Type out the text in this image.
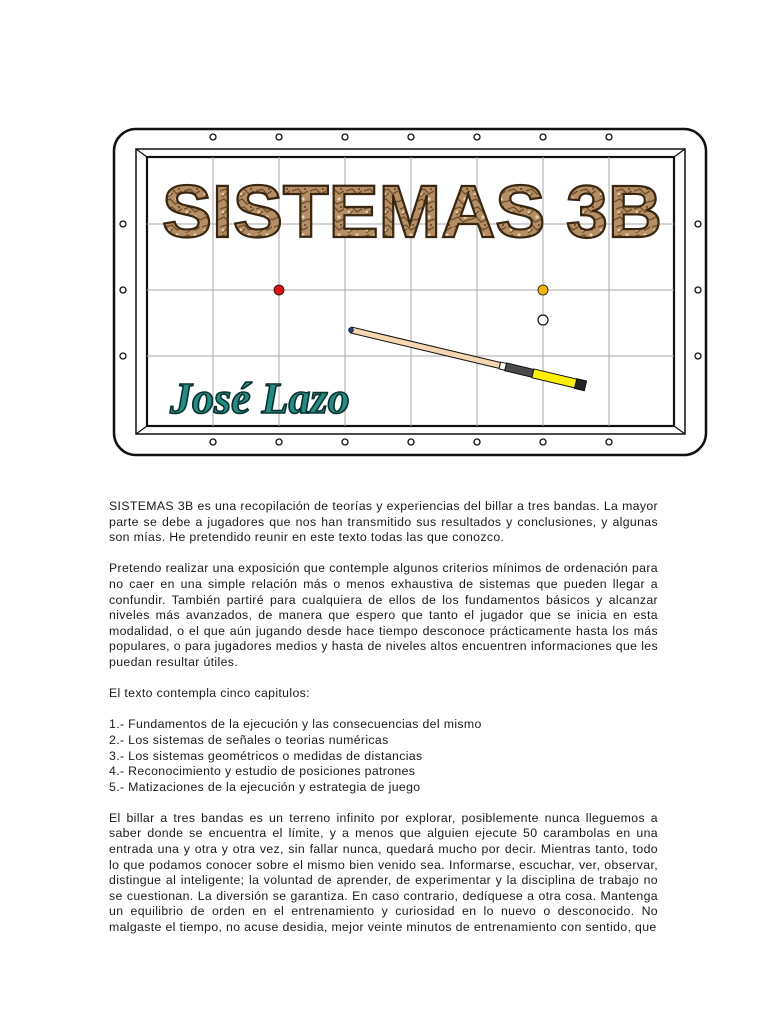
SISTEMAS 3B
José Lazo

SISTEMAS 3B es una recopilación de teorías y experiencias del billar a tres bandas. La mayor parte se debe a jugadores que nos han transmitido sus resultados y conclusiones, y algunas son mías. He pretendido reunir en este texto todas las que conozco.

Pretendo realizar una exposición que contemple algunos criterios mínimos de ordenación para no caer en una simple relación más o menos exhaustiva de sistemas que pueden llegar a confundir. También partiré para cualquiera de ellos de los fundamentos básicos y alcanzar niveles más avanzados, de manera que espero que tanto el jugador que se inicia en esta modalidad, o el que aún jugando desde hace tiempo desconoce prácticamente hasta los más populares, o para jugadores medios y hasta de niveles altos encuentren informaciones que les puedan resultar útiles.

El texto contempla cinco capitulos:

1.- Fundamentos de la ejecución y las consecuencias del mismo
2.- Los sistemas de señales o teorias numéricas
3.- Los sistemas geométricos o medidas de distancias
4.- Reconocimiento y estudio de posiciones patrones
5.- Matizaciones de la ejecución y estrategia de juego

El billar a tres bandas es un terreno infinito por explorar, posiblemente nunca lleguemos a saber donde se encuentra el límite, y a menos que alguien ejecute 50 carambolas en una entrada una y otra y otra vez, sin fallar nunca, quedará mucho por decir. Mientras tanto, todo lo que podamos conocer sobre el mismo bien venido sea. Informarse, escuchar, ver, observar, distingue al inteligente; la voluntad de aprender, de experimentar y la disciplina de trabajo no se cuestionan. La diversión se garantiza. En caso contrario, dedíquese a otra cosa. Mantenga un equilibrio de orden en el entrenamiento y curiosidad en lo nuevo o desconocido. No malgaste el tiempo, no acuse desidia, mejor veinte minutos de entrenamiento con sentido, que
